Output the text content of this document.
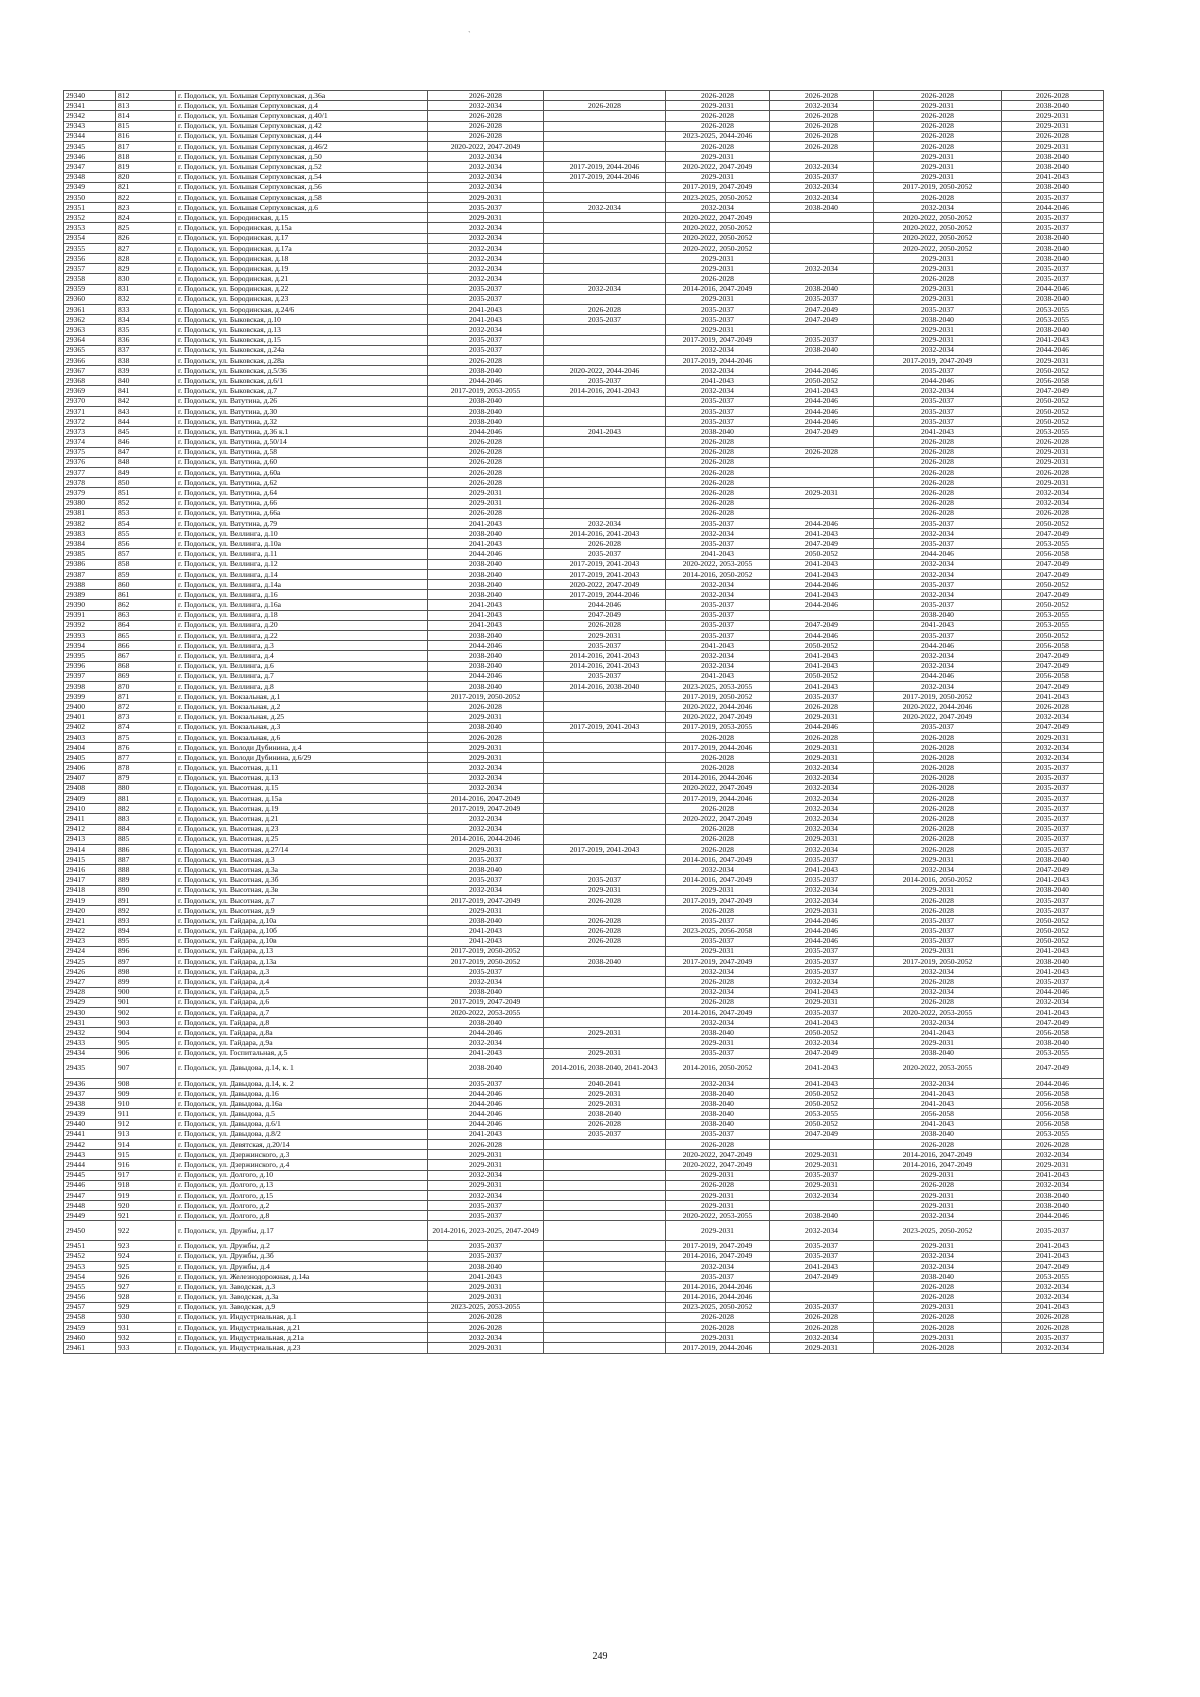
`
29340	812	г. Подольск, ул. Большая Серпуховская, д.36а	2026-2028		2026-2028	2026-2028	2026-2028	2026-2028
29341	813	г. Подольск, ул. Большая Серпуховская, д.4	2032-2034	2026-2028	2029-2031	2032-2034	2029-2031	2038-2040
29342	814	г. Подольск, ул. Большая Серпуховская, д.40/1	2026-2028		2026-2028	2026-2028	2026-2028	2029-2031
29343	815	г. Подольск, ул. Большая Серпуховская, д.42	2026-2028		2026-2028	2026-2028	2026-2028	2029-2031
29344	816	г. Подольск, ул. Большая Серпуховская, д.44	2026-2028		2023-2025, 2044-2046	2026-2028	2026-2028	2026-2028
29345	817	г. Подольск, ул. Большая Серпуховская, д.46/2	2020-2022, 2047-2049		2026-2028	2026-2028	2026-2028	2029-2031
29346	818	г. Подольск, ул. Большая Серпуховская, д.50	2032-2034		2029-2031		2029-2031	2038-2040
29347	819	г. Подольск, ул. Большая Серпуховская, д.52	2032-2034	2017-2019, 2044-2046	2020-2022, 2047-2049	2032-2034	2029-2031	2038-2040
29348	820	г. Подольск, ул. Большая Серпуховская, д.54	2032-2034	2017-2019, 2044-2046	2029-2031	2035-2037	2029-2031	2041-2043
29349	821	г. Подольск, ул. Большая Серпуховская, д.56	2032-2034		2017-2019, 2047-2049	2032-2034	2017-2019, 2050-2052	2038-2040
29350	822	г. Подольск, ул. Большая Серпуховская, д.58	2029-2031		2023-2025, 2050-2052	2032-2034	2026-2028	2035-2037
29351	823	г. Подольск, ул. Большая Серпуховская, д.6	2035-2037	2032-2034	2032-2034	2038-2040	2032-2034	2044-2046
29352	824	г. Подольск, ул. Бородинская, д.15	2029-2031		2020-2022, 2047-2049		2020-2022, 2050-2052	2035-2037
29353	825	г. Подольск, ул. Бородинская, д.15а	2032-2034		2020-2022, 2050-2052		2020-2022, 2050-2052	2035-2037
29354	826	г. Подольск, ул. Бородинская, д.17	2032-2034		2020-2022, 2050-2052		2020-2022, 2050-2052	2038-2040
29355	827	г. Подольск, ул. Бородинская, д.17а	2032-2034		2020-2022, 2050-2052		2020-2022, 2050-2052	2038-2040
29356	828	г. Подольск, ул. Бородинская, д.18	2032-2034		2029-2031		2029-2031	2038-2040
29357	829	г. Подольск, ул. Бородинская, д.19	2032-2034		2029-2031	2032-2034	2029-2031	2035-2037
29358	830	г. Подольск, ул. Бородинская, д.21	2032-2034		2026-2028		2026-2028	2035-2037
29359	831	г. Подольск, ул. Бородинская, д.22	2035-2037	2032-2034	2014-2016, 2047-2049	2038-2040	2029-2031	2044-2046
29360	832	г. Подольск, ул. Бородинская, д.23	2035-2037		2029-2031	2035-2037	2029-2031	2038-2040
29361	833	г. Подольск, ул. Бородинская, д.24/6	2041-2043	2026-2028	2035-2037	2047-2049	2035-2037	2053-2055
29362	834	г. Подольск, ул. Быковская, д.10	2041-2043	2035-2037	2035-2037	2047-2049	2038-2040	2053-2055
29363	835	г. Подольск, ул. Быковская, д.13	2032-2034		2029-2031		2029-2031	2038-2040
29364	836	г. Подольск, ул. Быковская, д.15	2035-2037		2017-2019, 2047-2049	2035-2037	2029-2031	2041-2043
29365	837	г. Подольск, ул. Быковская, д.24а	2035-2037		2032-2034	2038-2040	2032-2034	2044-2046
29366	838	г. Подольск, ул. Быковская, д.28а	2026-2028		2017-2019, 2044-2046		2017-2019, 2047-2049	2029-2031
29367	839	г. Подольск, ул. Быковская, д.5/36	2038-2040	2020-2022, 2044-2046	2032-2034	2044-2046	2035-2037	2050-2052
29368	840	г. Подольск, ул. Быковская, д.6/1	2044-2046	2035-2037	2041-2043	2050-2052	2044-2046	2056-2058
29369	841	г. Подольск, ул. Быковская, д.7	2017-2019, 2053-2055	2014-2016, 2041-2043	2032-2034	2041-2043	2032-2034	2047-2049
29370	842	г. Подольск, ул. Ватутина, д.26	2038-2040		2035-2037	2044-2046	2035-2037	2050-2052
29371	843	г. Подольск, ул. Ватутина, д.30	2038-2040		2035-2037	2044-2046	2035-2037	2050-2052
29372	844	г. Подольск, ул. Ватутина, д.32	2038-2040		2035-2037	2044-2046	2035-2037	2050-2052
29373	845	г. Подольск, ул. Ватутина, д.36 к.1	2044-2046	2041-2043	2038-2040	2047-2049	2041-2043	2053-2055
29374	846	г. Подольск, ул. Ватутина, д.50/14	2026-2028		2026-2028		2026-2028	2026-2028
29375	847	г. Подольск, ул. Ватутина, д.58	2026-2028		2026-2028	2026-2028	2026-2028	2029-2031
29376	848	г. Подольск, ул. Ватутина, д.60	2026-2028		2026-2028		2026-2028	2029-2031
29377	849	г. Подольск, ул. Ватутина, д.60а	2026-2028		2026-2028		2026-2028	2026-2028
29378	850	г. Подольск, ул. Ватутина, д.62	2026-2028		2026-2028		2026-2028	2029-2031
29379	851	г. Подольск, ул. Ватутина, д.64	2029-2031		2026-2028	2029-2031	2026-2028	2032-2034
29380	852	г. Подольск, ул. Ватутина, д.66	2029-2031		2026-2028		2026-2028	2032-2034
29381	853	г. Подольск, ул. Ватутина, д.66а	2026-2028		2026-2028		2026-2028	2026-2028
29382	854	г. Подольск, ул. Ватутина, д.79	2041-2043	2032-2034	2035-2037	2044-2046	2035-2037	2050-2052
29383	855	г. Подольск, ул. Веллинга, д.10	2038-2040	2014-2016, 2041-2043	2032-2034	2041-2043	2032-2034	2047-2049
29384	856	г. Подольск, ул. Веллинга, д.10а	2041-2043	2026-2028	2035-2037	2047-2049	2035-2037	2053-2055
29385	857	г. Подольск, ул. Веллинга, д.11	2044-2046	2035-2037	2041-2043	2050-2052	2044-2046	2056-2058
29386	858	г. Подольск, ул. Веллинга, д.12	2038-2040	2017-2019, 2041-2043	2020-2022, 2053-2055	2041-2043	2032-2034	2047-2049
29387	859	г. Подольск, ул. Веллинга, д.14	2038-2040	2017-2019, 2041-2043	2014-2016, 2050-2052	2041-2043	2032-2034	2047-2049
29388	860	г. Подольск, ул. Веллинга, д.14а	2038-2040	2020-2022, 2047-2049	2032-2034	2044-2046	2035-2037	2050-2052
29389	861	г. Подольск, ул. Веллинга, д.16	2038-2040	2017-2019, 2044-2046	2032-2034	2041-2043	2032-2034	2047-2049
29390	862	г. Подольск, ул. Веллинга, д.16а	2041-2043	2044-2046	2035-2037	2044-2046	2035-2037	2050-2052
29391	863	г. Подольск, ул. Веллинга, д.18	2041-2043	2047-2049	2035-2037		2038-2040	2053-2055
29392	864	г. Подольск, ул. Веллинга, д.20	2041-2043	2026-2028	2035-2037	2047-2049	2041-2043	2053-2055
29393	865	г. Подольск, ул. Веллинга, д.22	2038-2040	2029-2031	2035-2037	2044-2046	2035-2037	2050-2052
29394	866	г. Подольск, ул. Веллинга, д.3	2044-2046	2035-2037	2041-2043	2050-2052	2044-2046	2056-2058
29395	867	г. Подольск, ул. Веллинга, д.4	2038-2040	2014-2016, 2041-2043	2032-2034	2041-2043	2032-2034	2047-2049
29396	868	г. Подольск, ул. Веллинга, д.6	2038-2040	2014-2016, 2041-2043	2032-2034	2041-2043	2032-2034	2047-2049
29397	869	г. Подольск, ул. Веллинга, д.7	2044-2046	2035-2037	2041-2043	2050-2052	2044-2046	2056-2058
29398	870	г. Подольск, ул. Веллинга, д.8	2038-2040	2014-2016, 2038-2040	2023-2025, 2053-2055	2041-2043	2032-2034	2047-2049
29399	871	г. Подольск, ул. Вокзальная, д.1	2017-2019, 2050-2052		2017-2019, 2050-2052	2035-2037	2017-2019, 2050-2052	2041-2043
29400	872	г. Подольск, ул. Вокзальная, д.2	2026-2028		2020-2022, 2044-2046	2026-2028	2020-2022, 2044-2046	2026-2028
29401	873	г. Подольск, ул. Вокзальная, д.25	2029-2031		2020-2022, 2047-2049	2029-2031	2020-2022, 2047-2049	2032-2034
29402	874	г. Подольск, ул. Вокзальная, д.3	2038-2040	2017-2019, 2041-2043	2017-2019, 2053-2055	2044-2046	2035-2037	2047-2049
29403	875	г. Подольск, ул. Вокзальная, д.6	2026-2028		2026-2028	2026-2028	2026-2028	2029-2031
29404	876	г. Подольск, ул. Володи Дубинина, д.4	2029-2031		2017-2019, 2044-2046	2029-2031	2026-2028	2032-2034
29405	877	г. Подольск, ул. Володи Дубинина, д.6/29	2029-2031		2026-2028	2029-2031	2026-2028	2032-2034
29406	878	г. Подольск, ул. Высотная, д.11	2032-2034		2026-2028	2032-2034	2026-2028	2035-2037
29407	879	г. Подольск, ул. Высотная, д.13	2032-2034		2014-2016, 2044-2046	2032-2034	2026-2028	2035-2037
29408	880	г. Подольск, ул. Высотная, д.15	2032-2034		2020-2022, 2047-2049	2032-2034	2026-2028	2035-2037
29409	881	г. Подольск, ул. Высотная, д.15а	2014-2016, 2047-2049		2017-2019, 2044-2046	2032-2034	2026-2028	2035-2037
29410	882	г. Подольск, ул. Высотная, д.19	2017-2019, 2047-2049		2026-2028	2032-2034	2026-2028	2035-2037
29411	883	г. Подольск, ул. Высотная, д.21	2032-2034		2020-2022, 2047-2049	2032-2034	2026-2028	2035-2037
29412	884	г. Подольск, ул. Высотная, д.23	2032-2034		2026-2028	2032-2034	2026-2028	2035-2037
29413	885	г. Подольск, ул. Высотная, д.25	2014-2016, 2044-2046		2026-2028	2029-2031	2026-2028	2035-2037
29414	886	г. Подольск, ул. Высотная, д.27/14	2029-2031	2017-2019, 2041-2043	2026-2028	2032-2034	2026-2028	2035-2037
29415	887	г. Подольск, ул. Высотная, д.3	2035-2037		2014-2016, 2047-2049	2035-2037	2029-2031	2038-2040
29416	888	г. Подольск, ул. Высотная, д.3а	2038-2040		2032-2034	2041-2043	2032-2034	2047-2049
29417	889	г. Подольск, ул. Высотная, д.3б	2035-2037	2035-2037	2014-2016, 2047-2049	2035-2037	2014-2016, 2050-2052	2041-2043
29418	890	г. Подольск, ул. Высотная, д.3в	2032-2034	2029-2031	2029-2031	2032-2034	2029-2031	2038-2040
29419	891	г. Подольск, ул. Высотная, д.7	2017-2019, 2047-2049	2026-2028	2017-2019, 2047-2049	2032-2034	2026-2028	2035-2037
29420	892	г. Подольск, ул. Высотная, д.9	2029-2031		2026-2028	2029-2031	2026-2028	2035-2037
29421	893	г. Подольск, ул. Гайдара, д.10а	2038-2040	2026-2028	2035-2037	2044-2046	2035-2037	2050-2052
29422	894	г. Подольск, ул. Гайдара, д.10б	2041-2043	2026-2028	2023-2025, 2056-2058	2044-2046	2035-2037	2050-2052
29423	895	г. Подольск, ул. Гайдара, д.10в	2041-2043	2026-2028	2035-2037	2044-2046	2035-2037	2050-2052
29424	896	г. Подольск, ул. Гайдара, д.13	2017-2019, 2050-2052		2029-2031	2035-2037	2029-2031	2041-2043
29425	897	г. Подольск, ул. Гайдара, д.13а	2017-2019, 2050-2052	2038-2040	2017-2019, 2047-2049	2035-2037	2017-2019, 2050-2052	2038-2040
29426	898	г. Подольск, ул. Гайдара, д.3	2035-2037		2032-2034	2035-2037	2032-2034	2041-2043
29427	899	г. Подольск, ул. Гайдара, д.4	2032-2034		2026-2028	2032-2034	2026-2028	2035-2037
29428	900	г. Подольск, ул. Гайдара, д.5	2038-2040		2032-2034	2041-2043	2032-2034	2044-2046
29429	901	г. Подольск, ул. Гайдара, д.6	2017-2019, 2047-2049		2026-2028	2029-2031	2026-2028	2032-2034
29430	902	г. Подольск, ул. Гайдара, д.7	2020-2022, 2053-2055		2014-2016, 2047-2049	2035-2037	2020-2022, 2053-2055	2041-2043
29431	903	г. Подольск, ул. Гайдара, д.8	2038-2040		2032-2034	2041-2043	2032-2034	2047-2049
29432	904	г. Подольск, ул. Гайдара, д.8а	2044-2046	2029-2031	2038-2040	2050-2052	2041-2043	2056-2058
29433	905	г. Подольск, ул. Гайдара, д.9а	2032-2034		2029-2031	2032-2034	2029-2031	2038-2040
29434	906	г. Подольск, ул. Госпитальная, д.5	2041-2043	2029-2031	2035-2037	2047-2049	2038-2040	2053-2055
29435	907	г. Подольск, ул. Давыдова, д.14, к. 1	2038-2040	2014-2016, 2038-2040, 2041-2043	2014-2016, 2050-2052	2041-2043	2020-2022, 2053-2055	2047-2049
29436	908	г. Подольск, ул. Давыдова, д.14, к. 2	2035-2037	2040-2041	2032-2034	2041-2043	2032-2034	2044-2046
29437	909	г. Подольск, ул. Давыдова, д.16	2044-2046	2029-2031	2038-2040	2050-2052	2041-2043	2056-2058
29438	910	г. Подольск, ул. Давыдова, д.16а	2044-2046	2029-2031	2038-2040	2050-2052	2041-2043	2056-2058
29439	911	г. Подольск, ул. Давыдова, д.5	2044-2046	2038-2040	2038-2040	2053-2055	2056-2058	2056-2058
29440	912	г. Подольск, ул. Давыдова, д.6/1	2044-2046	2026-2028	2038-2040	2050-2052	2041-2043	2056-2058
29441	913	г. Подольск, ул. Давыдова, д.8/2	2041-2043	2035-2037	2035-2037	2047-2049	2038-2040	2053-2055
29442	914	г. Подольск, ул. Девятская, д.20/14	2026-2028		2026-2028		2026-2028	2026-2028
29443	915	г. Подольск, ул. Дзержинского, д.3	2029-2031		2020-2022, 2047-2049	2029-2031	2014-2016, 2047-2049	2032-2034
29444	916	г. Подольск, ул. Дзержинского, д.4	2029-2031		2020-2022, 2047-2049	2029-2031	2014-2016, 2047-2049	2029-2031
29445	917	г. Подольск, ул. Долгого, д.10	2032-2034		2029-2031	2035-2037	2029-2031	2041-2043
29446	918	г. Подольск, ул. Долгого, д.13	2029-2031		2026-2028	2029-2031	2026-2028	2032-2034
29447	919	г. Подольск, ул. Долгого, д.15	2032-2034		2029-2031	2032-2034	2029-2031	2038-2040
29448	920	г. Подольск, ул. Долгого, д.2	2035-2037		2029-2031		2029-2031	2038-2040
29449	921	г. Подольск, ул. Долгого, д.8	2035-2037		2020-2022, 2053-2055	2038-2040	2032-2034	2044-2046
29450	922	г. Подольск, ул. Дружбы, д.17	2014-2016, 2023-2025, 2047-2049		2029-2031	2032-2034	2023-2025, 2050-2052	2035-2037
29451	923	г. Подольск, ул. Дружбы, д.2	2035-2037		2017-2019, 2047-2049	2035-2037	2029-2031	2041-2043
29452	924	г. Подольск, ул. Дружбы, д.3б	2035-2037		2014-2016, 2047-2049	2035-2037	2032-2034	2041-2043
29453	925	г. Подольск, ул. Дружбы, д.4	2038-2040		2032-2034	2041-2043	2032-2034	2047-2049
29454	926	г. Подольск, ул. Железнодорожная, д.14а	2041-2043		2035-2037	2047-2049	2038-2040	2053-2055
29455	927	г. Подольск, ул. Заводская, д.3	2029-2031		2014-2016, 2044-2046		2026-2028	2032-2034
29456	928	г. Подольск, ул. Заводская, д.3а	2029-2031		2014-2016, 2044-2046		2026-2028	2032-2034
29457	929	г. Подольск, ул. Заводская, д.9	2023-2025, 2053-2055		2023-2025, 2050-2052	2035-2037	2029-2031	2041-2043
29458	930	г. Подольск, ул. Индустриальная, д.1	2026-2028		2026-2028	2026-2028	2026-2028	2026-2028
29459	931	г. Подольск, ул. Индустриальная, д.21	2026-2028		2026-2028	2026-2028	2026-2028	2026-2028
29460	932	г. Подольск, ул. Индустриальная, д.21а	2032-2034		2029-2031	2032-2034	2029-2031	2035-2037
29461	933	г. Подольск, ул. Индустриальная, д.23	2029-2031		2017-2019, 2044-2046	2029-2031	2026-2028	2032-2034
249
